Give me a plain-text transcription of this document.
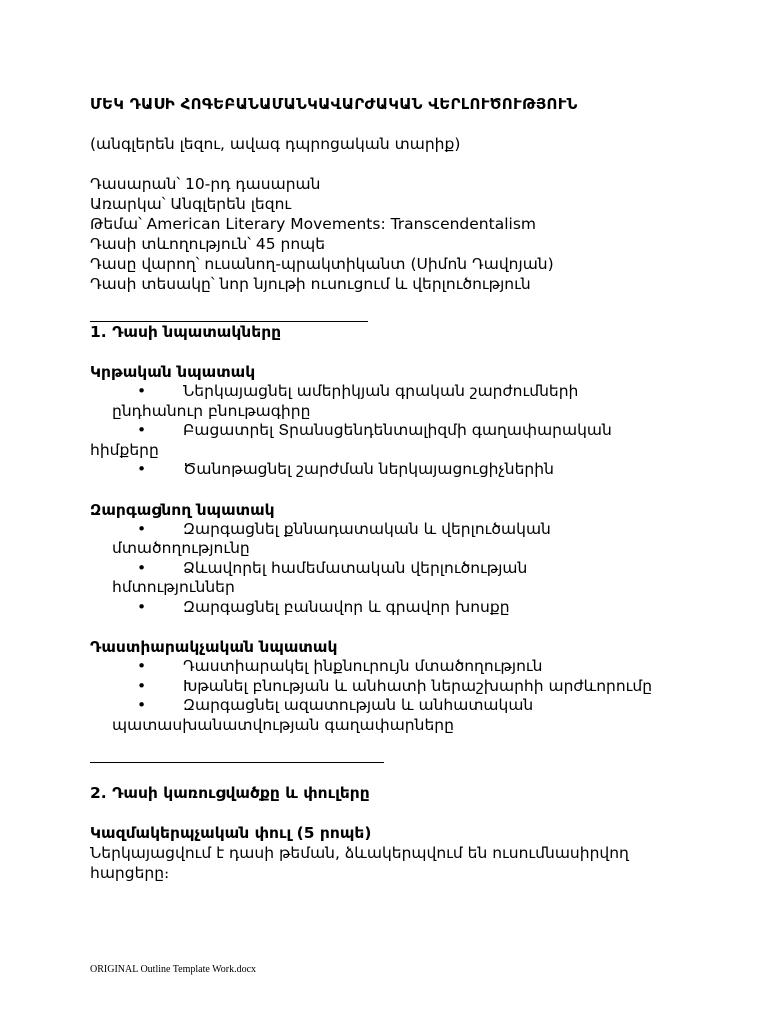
ՄԵԿ ԴԱՍԻ ՀՈԳԵԲԱՆԱՄԱՆԿԱՎԱՐԺԱԿԱՆ ՎԵՐԼՈՒԾՈՒԹՅՈՒՆ
(անգլերեն լեզու, ավագ դպրոցական տարիք)
Դասարան՝ 10-րդ դասարան
Առարկա՝ Անգլերեն լեզու
Թեմա՝ American Literary Movements: Transcendentalism
Դասի տևողություն՝ 45 րոպե
Դասը վարող՝ ուսանող-պրակտիկանտ (Սիմոն Դավոյան)
Դասի տեսակը՝ նոր նյութի ուսուցում և վերլուծություն
1. Դասի նպատակները
Կրթական նպատակ
• Ներկայացնել ամերիկյան գրական շարժումների
ընդհանուր բնութագիրը
• Բացատրել Տրանսցենդենտալիզմի գաղափարական
հիմքերը
• Ծանոթացնել շարժման ներկայացուցիչներին
Զարգացնող նպատակ
• Զարգացնել քննադատական և վերլուծական
մտածողությունը
• Ձևավորել համեմատական վերլուծության
հմտություններ
• Զարգացնել բանավոր և գրավոր խոսքը
Դաստիարակչական նպատակ
• Դաստիարակել ինքնուրույն մտածողություն
• Խթանել բնության և անհատի ներաշխարհի արժևորումը
• Զարգացնել ազատության և անհատական
պատասխանատվության գաղափարները
2. Դասի կառուցվածքը և փուլերը
Կազմակերպչական փուլ (5 րոպե)
Ներկայացվում է դասի թեման, ձևակերպվում են ուսումնասիրվող
հարցերը։
ORIGINAL Outline Template Work.docx
